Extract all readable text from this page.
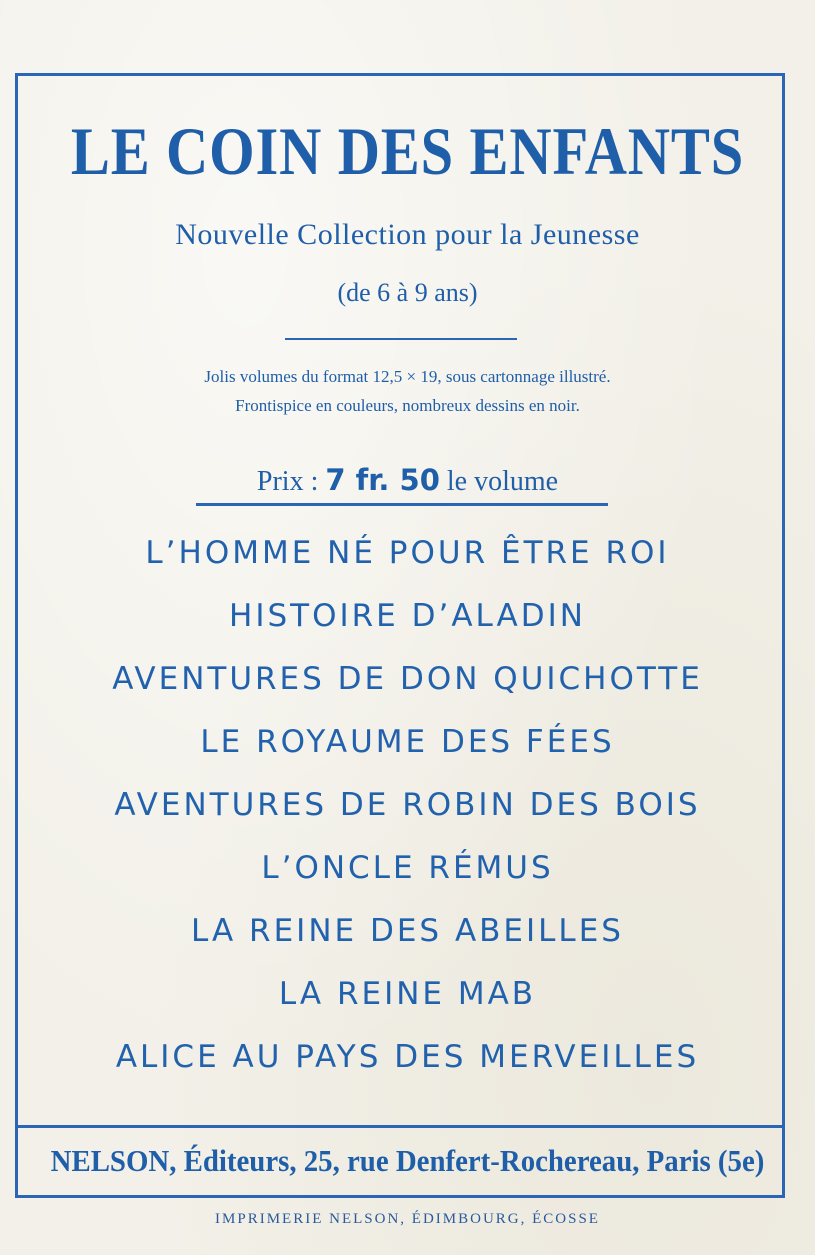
LE COIN DES ENFANTS
Nouvelle Collection pour la Jeunesse
(de 6 à 9 ans)
Jolis volumes du format 12,5 × 19, sous cartonnage illustré.
Frontispice en couleurs, nombreux dessins en noir.
Prix : 7 fr. 50 le volume
L’HOMME NÉ POUR ÊTRE ROI
HISTOIRE D’ALADIN
AVENTURES DE DON QUICHOTTE
LE ROYAUME DES FÉES
AVENTURES DE ROBIN DES BOIS
L’ONCLE RÉMUS
LA REINE DES ABEILLES
LA REINE MAB
ALICE AU PAYS DES MERVEILLES
NELSON, Éditeurs, 25, rue Denfert-Rochereau, Paris (5e)
IMPRIMERIE NELSON, ÉDIMBOURG, ÉCOSSE
